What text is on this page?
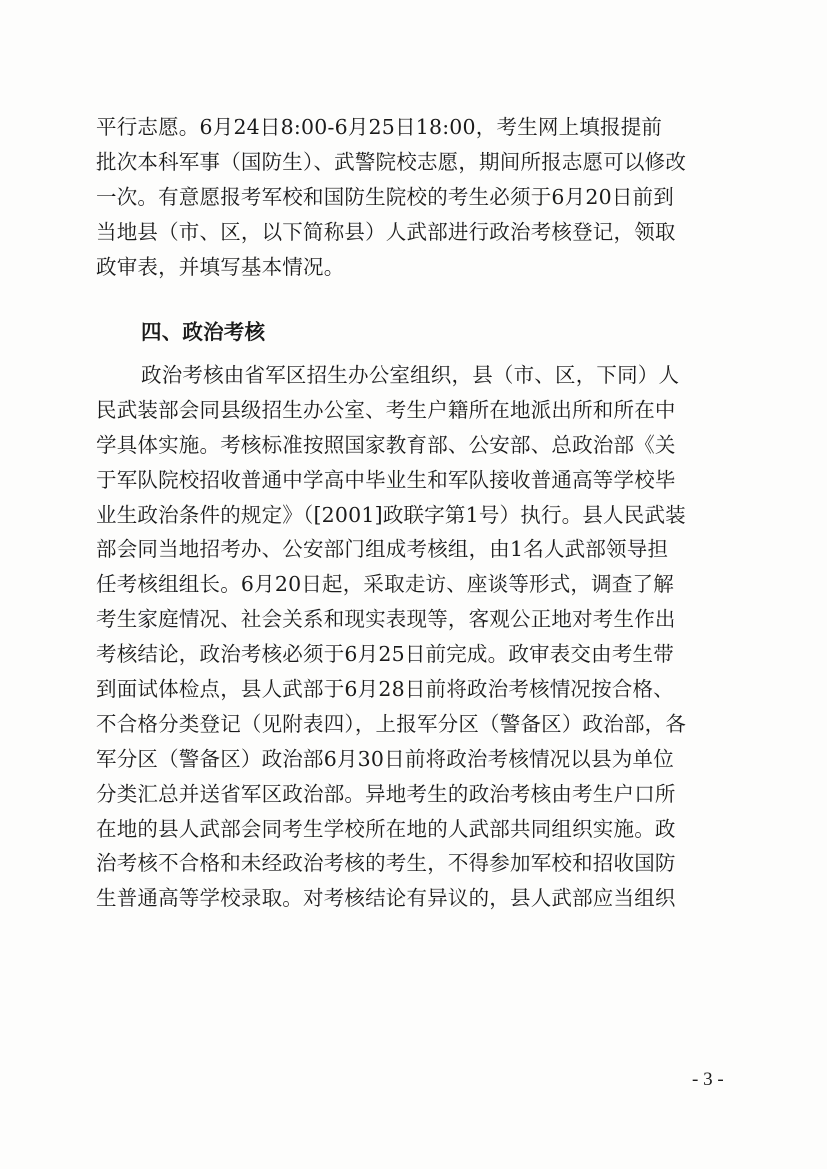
平行志愿。6月24日8:00-6月25日18:00，考生网上填报提前
批次本科军事（国防生）、武警院校志愿，期间所报志愿可以修改
一次。有意愿报考军校和国防生院校的考生必须于6月20日前到
当地县（市、区，以下简称县）人武部进行政治考核登记，领取
政审表，并填写基本情况。
四、政治考核
政治考核由省军区招生办公室组织，县（市、区，下同）人
民武装部会同县级招生办公室、考生户籍所在地派出所和所在中
学具体实施。考核标准按照国家教育部、公安部、总政治部《关
于军队院校招收普通中学高中毕业生和军队接收普通高等学校毕
业生政治条件的规定》（[2001]政联字第1号）执行。县人民武装
部会同当地招考办、公安部门组成考核组，由1名人武部领导担
任考核组组长。6月20日起，采取走访、座谈等形式，调查了解
考生家庭情况、社会关系和现实表现等，客观公正地对考生作出
考核结论，政治考核必须于6月25日前完成。政审表交由考生带
到面试体检点，县人武部于6月28日前将政治考核情况按合格、
不合格分类登记（见附表四），上报军分区（警备区）政治部，各
军分区（警备区）政治部6月30日前将政治考核情况以县为单位
分类汇总并送省军区政治部。异地考生的政治考核由考生户口所
在地的县人武部会同考生学校所在地的人武部共同组织实施。政
治考核不合格和未经政治考核的考生，不得参加军校和招收国防
生普通高等学校录取。对考核结论有异议的，县人武部应当组织
- 3 -
